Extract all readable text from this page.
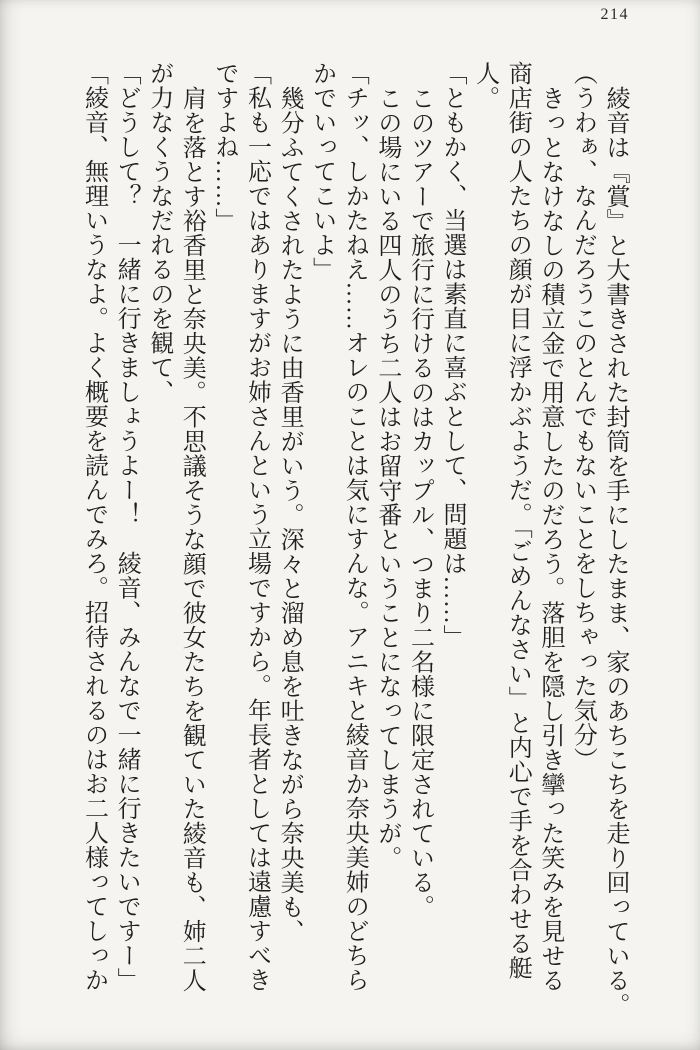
214

綾音は『賞』と大書きされた封筒を手にしたまま、家のあちこちを走り回っている。

（うわぁ、なんだろうこのとんでもないことをしちゃった気分）

きっとなけなしの積立金で用意したのだろう。落胆を隠し引き攣った笑みを見せる

商店街の人たちの顔が目に浮かぶようだ。「ごめんなさい」と内心で手を合わせる艇

人。

「ともかく、当選は素直に喜ぶとして、問題は……」

このツアーで旅行に行けるのはカップル、つまり二名様に限定されている。

この場にいる四人のうち二人はお留守番ということになってしまうが。

「チッ、しかたねえ……オレのことは気にすんな。アニキと綾音か奈央美姉のどちら

かでいってこいよ」

幾分ふてくされたように由香里がいう。深々と溜め息を吐きながら奈央美も、

「私も一応ではありますがお姉さんという立場ですから。年長者としては遠慮すべき

ですよね……」

肩を落とす裕香里と奈央美。不思議そうな顔で彼女たちを観ていた綾音も、姉二人

が力なくうなだれるのを観て、

「どうして？　一緒に行きましょうよー！　綾音、みんなで一緒に行きたいですー」

「綾音、無理いうなよ。よく概要を読んでみろ。招待されるのはお二人様ってしっか
